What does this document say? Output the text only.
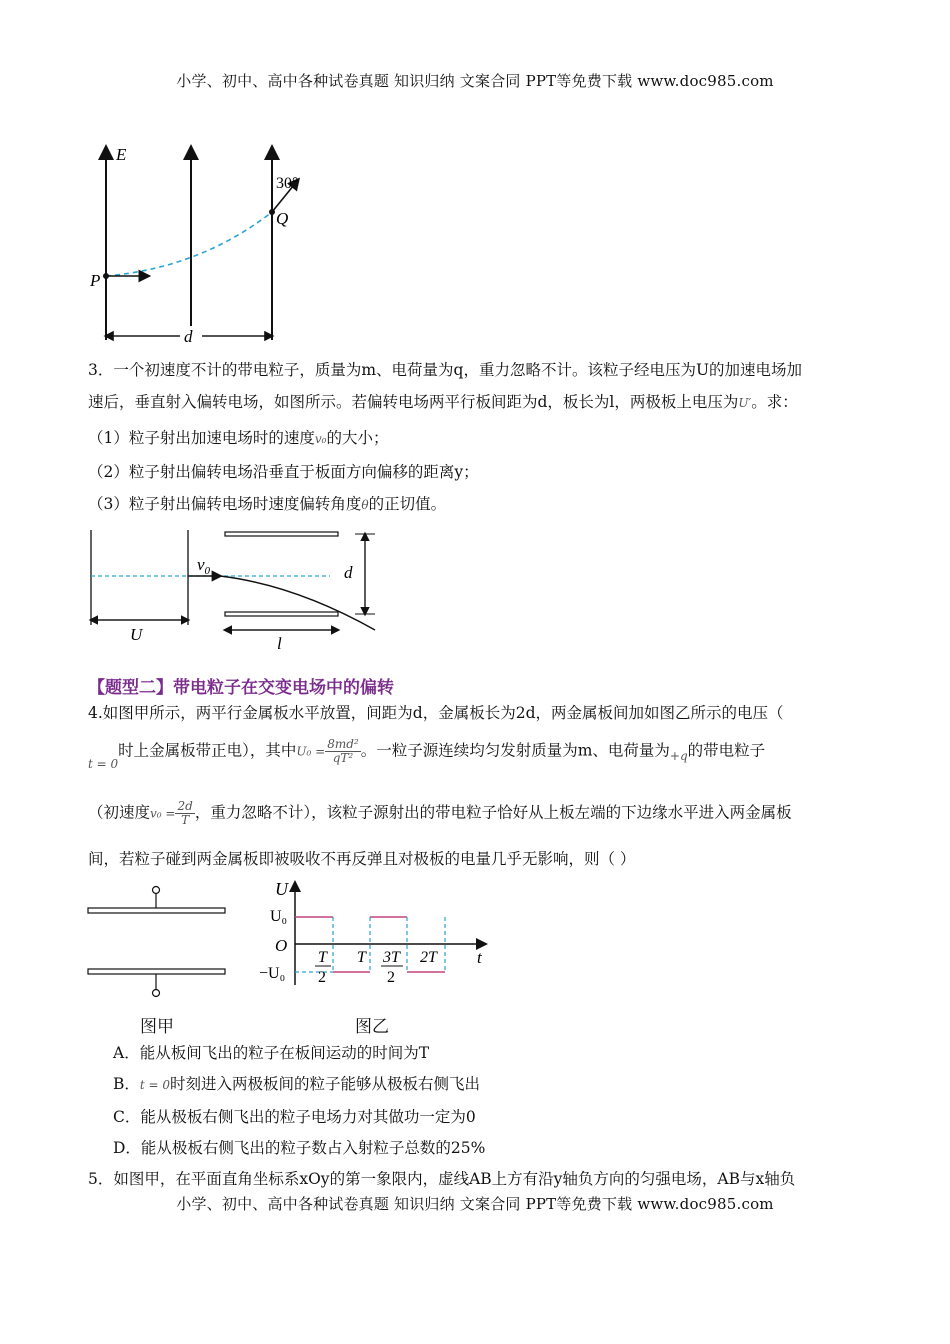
小学、初中、高中各种试卷真题 知识归纳 文案合同 PPT等免费下载 www.doc985.com
E
30°
Q
P
d
3．一个初速度不计的带电粒子，质量为m、电荷量为q，重力忽略不计。该粒子经电压为U的加速电场加
速后，垂直射入偏转电场，如图所示。若偏转电场两平行板间距为d，板长为l，两极板上电压为U′。求：
（1）粒子射出加速电场时的速度v₀的大小；
（2）粒子射出偏转电场沿垂直于板面方向偏移的距离y；
（3）粒子射出偏转电场时速度偏转角度θ的正切值。
$v_0$	d
U	l
【题型二】带电粒子在交变电场中的偏转
4.如图甲所示，两平行金属板水平放置，间距为d，金属板长为2d，两金属板间加如图乙所示的电压（
$_{t = 0}$时上金属板带正电），其中$U_0 = \frac{\text{8md²}}{\text{qT²}}$ 。一粒子源连续均匀发射质量为m、电荷量为$_{+q}$的带电粒子
（初速度$v_0 = \frac{2d}{T}$ ，重力忽略不计），该粒子源射出的带电粒子恰好从上板左端的下边缘水平进入两金属板
间，若粒子碰到两金属板即被吸收不再反弹且对极板的电量几乎无影响，则（ ）
U
U₀
O
−U₀
t
T
2
T 3T
2
2T
图甲	图乙
A．能从板间飞出的粒子在板间运动的时间为T
B．t = 0时刻进入两极板间的粒子能够从极板右侧飞出
C．能从极板右侧飞出的粒子电场力对其做功一定为0
D．能从极板右侧飞出的粒子数占入射粒子总数的25%
5．如图甲，在平面直角坐标系xOy的第一象限内，虚线AB上方有沿y轴负方向的匀强电场，AB与x轴负
小学、初中、高中各种试卷真题 知识归纳 文案合同 PPT等免费下载 www.doc985.com
